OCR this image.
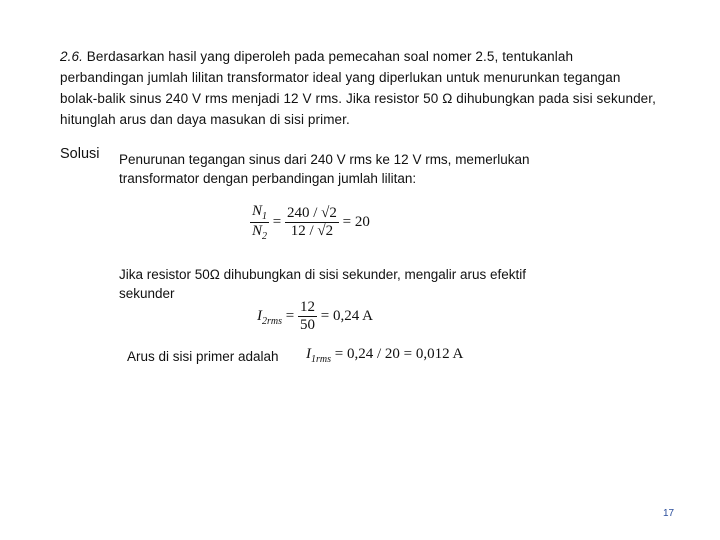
2.6. Berdasarkan hasil yang diperoleh pada pemecahan soal nomer 2.5, tentukanlah perbandingan jumlah lilitan transformator ideal yang diperlukan untuk menurunkan tegangan bolak-balik sinus 240 V rms menjadi 12 V rms. Jika resistor 50 Ω dihubungkan pada sisi sekunder, hitunglah arus dan daya masukan di sisi primer.
Solusi Penurunan tegangan sinus dari 240 V rms ke 12 V rms, memerlukan transformator dengan perbandingan jumlah lilitan:
$\frac{N_1}{N_2} = \frac{240 / √2}{12 / √2} = 20$
Jika resistor 50Ω dihubungkan di sisi sekunder, mengalir arus efektif sekunder
$I_{2rms} = \frac{12}{50} = 0,24$ A
Arus di sisi primer adalah $I_{1rms} = 0,24 / 20 = 0,012$ A
17
